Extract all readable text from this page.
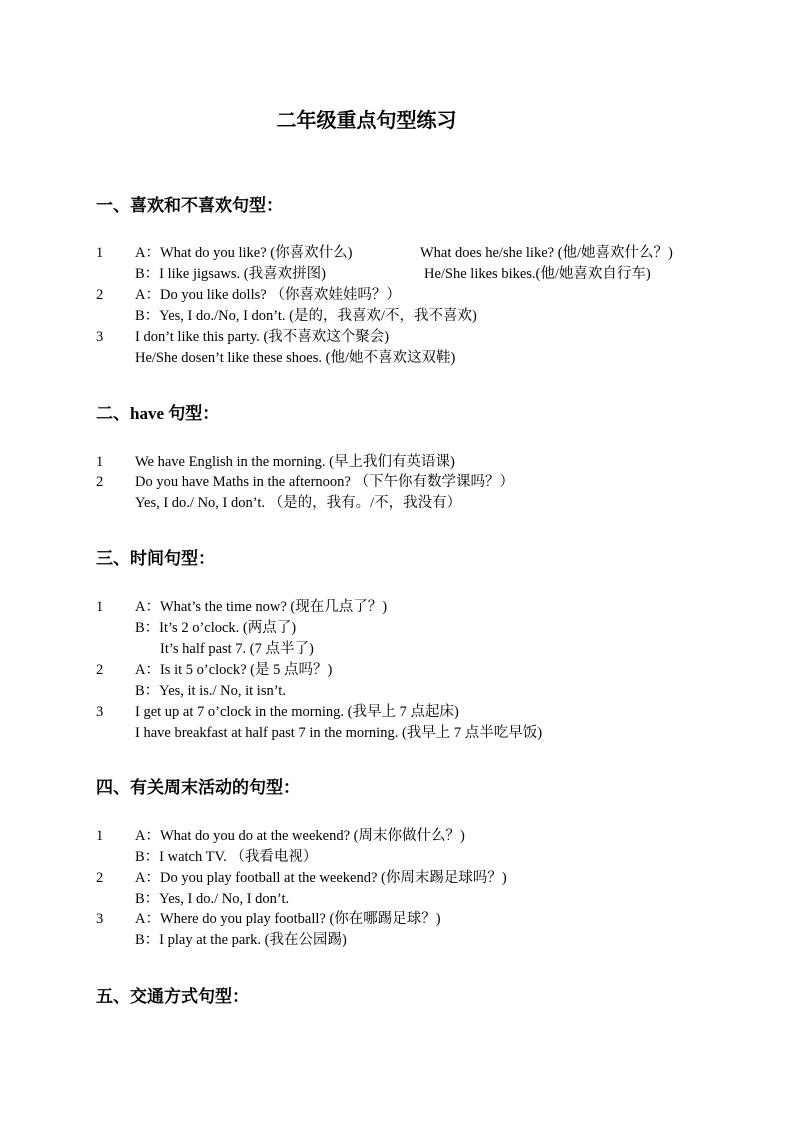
二年级重点句型练习
一、喜欢和不喜欢句型：
1 A：What do you like? (你喜欢什么)	What does he/she like? (他/她喜欢什么？)
B：I like jigsaws. (我喜欢拼图)	He/She likes bikes.(他/她喜欢自行车)
2 A：Do you like dolls? （你喜欢娃娃吗？）
B：Yes, I do./No, I don’t. (是的，我喜欢/不，我不喜欢)
3 I don’t like this party. (我不喜欢这个聚会)
He/She dosen’t like these shoes. (他/她不喜欢这双鞋)
二、have 句型：
1 We have English in the morning. (早上我们有英语课)
2 Do you have Maths in the afternoon? （下午你有数学课吗？）
Yes, I do./ No, I don’t. （是的，我有。/不，我没有）
三、时间句型：
1 A：What’s the time now? (现在几点了？)
B：It’s 2 o’clock. (两点了)
It’s half past 7. (7 点半了)
2 A：Is it 5 o’clock? (是 5 点吗？)
B：Yes, it is./ No, it isn’t.
3 I get up at 7 o’clock in the morning. (我早上 7 点起床)
I have breakfast at half past 7 in the morning. (我早上 7 点半吃早饭)
四、有关周末活动的句型：
1 A：What do you do at the weekend? (周末你做什么？)
B：I watch TV. （我看电视）
2 A：Do you play football at the weekend? (你周末踢足球吗？)
B：Yes, I do./ No, I don’t.
3 A：Where do you play football? (你在哪踢足球？)
B：I play at the park. (我在公园踢)
五、交通方式句型：
